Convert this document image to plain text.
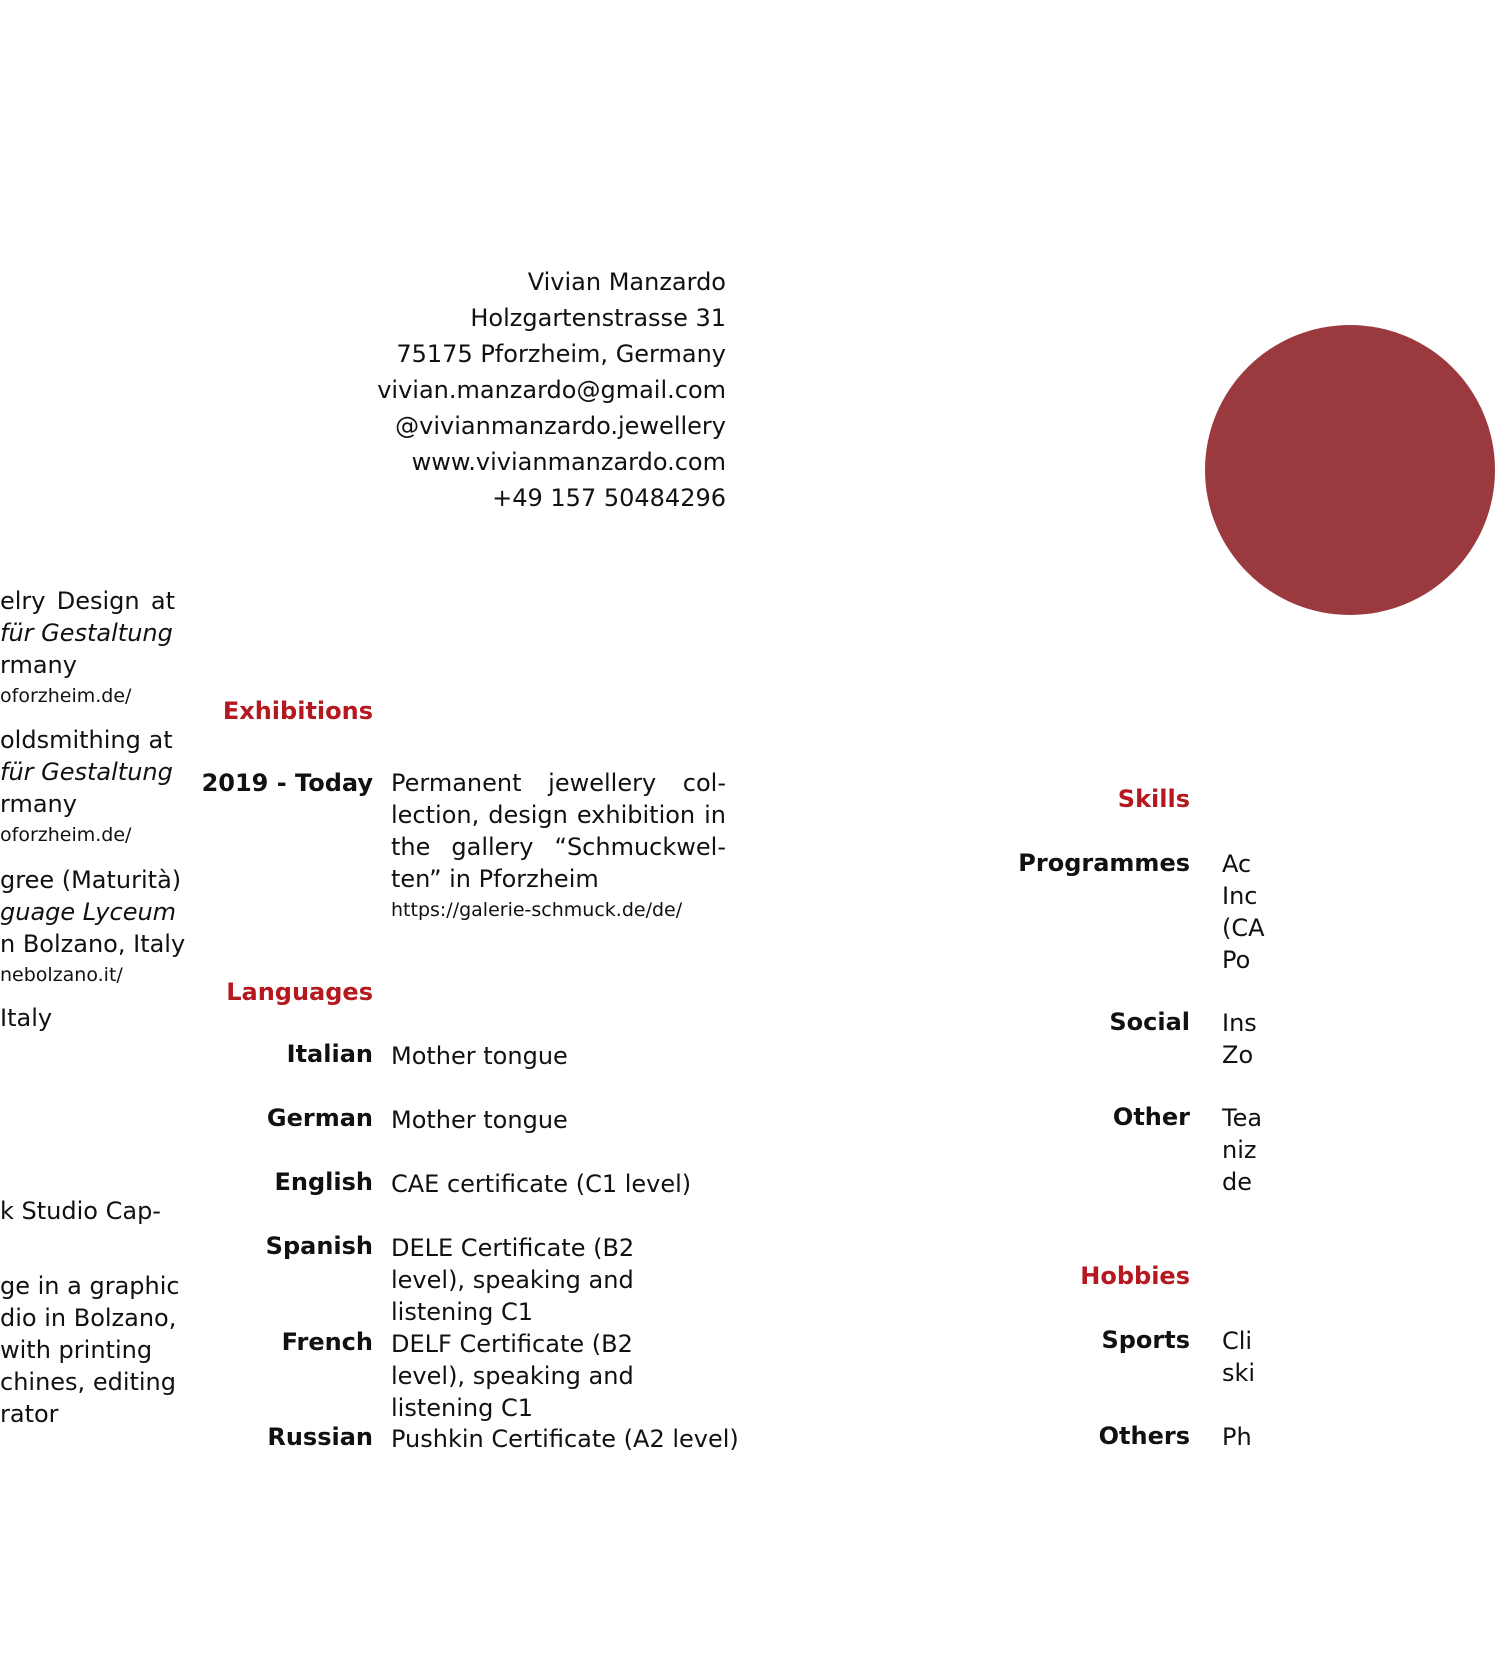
Vivian Manzardo
Holzgartenstrasse 31
75175 Pforzheim, Germany
vivian.manzardo@gmail.com
@vivianmanzardo.jewellery
www.vivianmanzardo.com
+49 157 50484296
elry Design at
für Gestaltung
rmany
oforzheim.de/
oldsmithing at
für Gestaltung
rmany
oforzheim.de/
gree (Maturità)
guage Lyceum
n Bolzano, Italy
nebolzano.it/
Italy
k Studio Cap-
ge in a graphic
dio in Bolzano,
with printing
chines, editing
rator
Exhibitions
2019 - Today Permanent jewellery col-
lection, design exhibition in
the gallery “Schmuckwel-
ten” in Pforzheim
https://galerie-schmuck.de/de/
Languages
Italian Mother tongue
German Mother tongue
English CAE certificate (C1 level)
Spanish DELE Certificate (B2 level), speaking and listening C1
French DELF Certificate (B2 level), speaking and listening C1
Russian Pushkin Certificate (A2 level)
Skills
Programmes Ac
Inc
(CA
Po
Social Ins
Zo
Other Tea
niz
de
Hobbies
Sports Cli
ski
Others Ph
